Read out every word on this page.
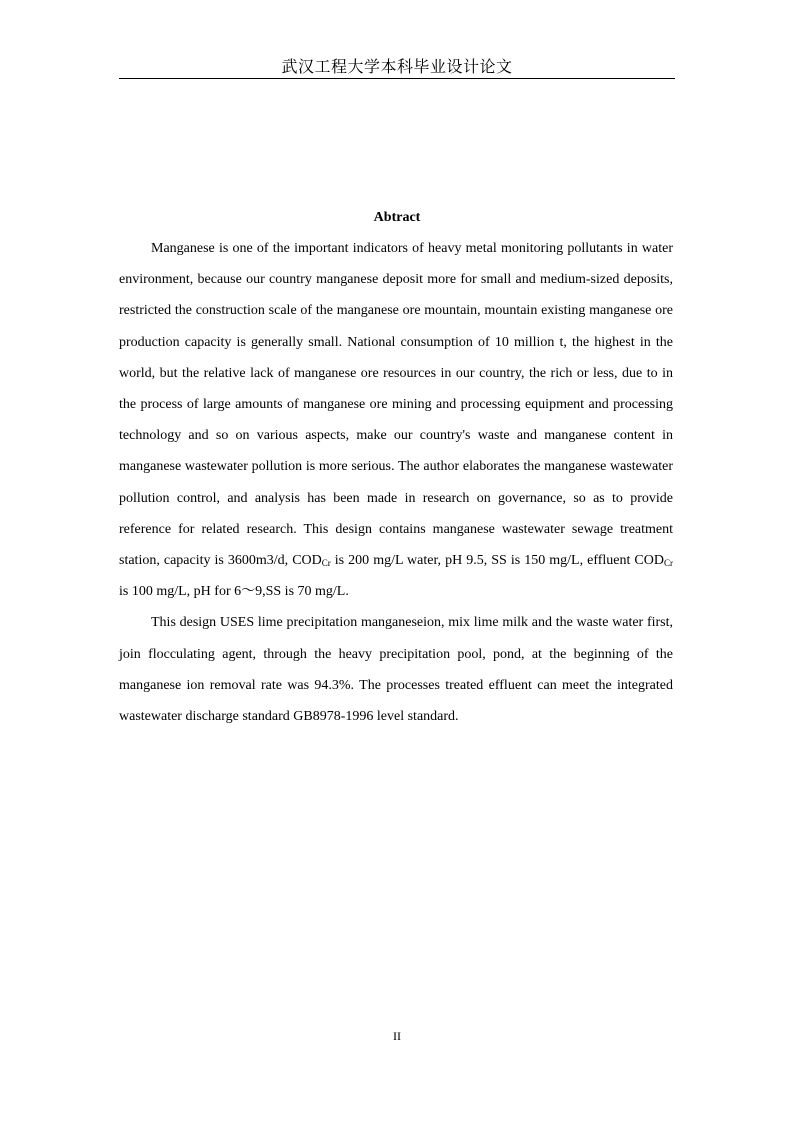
武汉工程大学本科毕业设计论文
Abtract

Manganese is one of the important indicators of heavy metal monitoring pollutants in water environment, because our country manganese deposit more for small and medium-sized deposits, restricted the construction scale of the manganese ore mountain, mountain existing manganese ore production capacity is generally small. National consumption of 10 million t, the highest in the world, but the relative lack of manganese ore resources in our country, the rich or less, due to in the process of large amounts of manganese ore mining and processing equipment and processing technology and so on various aspects, make our country's waste and manganese content in manganese wastewater pollution is more serious. The author elaborates the manganese wastewater pollution control, and analysis has been made in research on governance, so as to provide reference for related research. This design contains manganese wastewater sewage treatment station, capacity is 3600m3/d, $COD_{Cr}$ is 200 mg/L water, pH 9.5, SS is 150 mg/L, effluent $COD_{Cr}$ is 100 mg/L, pH for 6～9,SS is 70 mg/L.

This design USES lime precipitation manganeseion, mix lime milk and the waste water first, join flocculating agent, through the heavy precipitation pool, pond, at the beginning of the manganese ion removal rate was 94.3%. The processes treated effluent can meet the integrated wastewater discharge standard GB8978-1996 level standard.

II
